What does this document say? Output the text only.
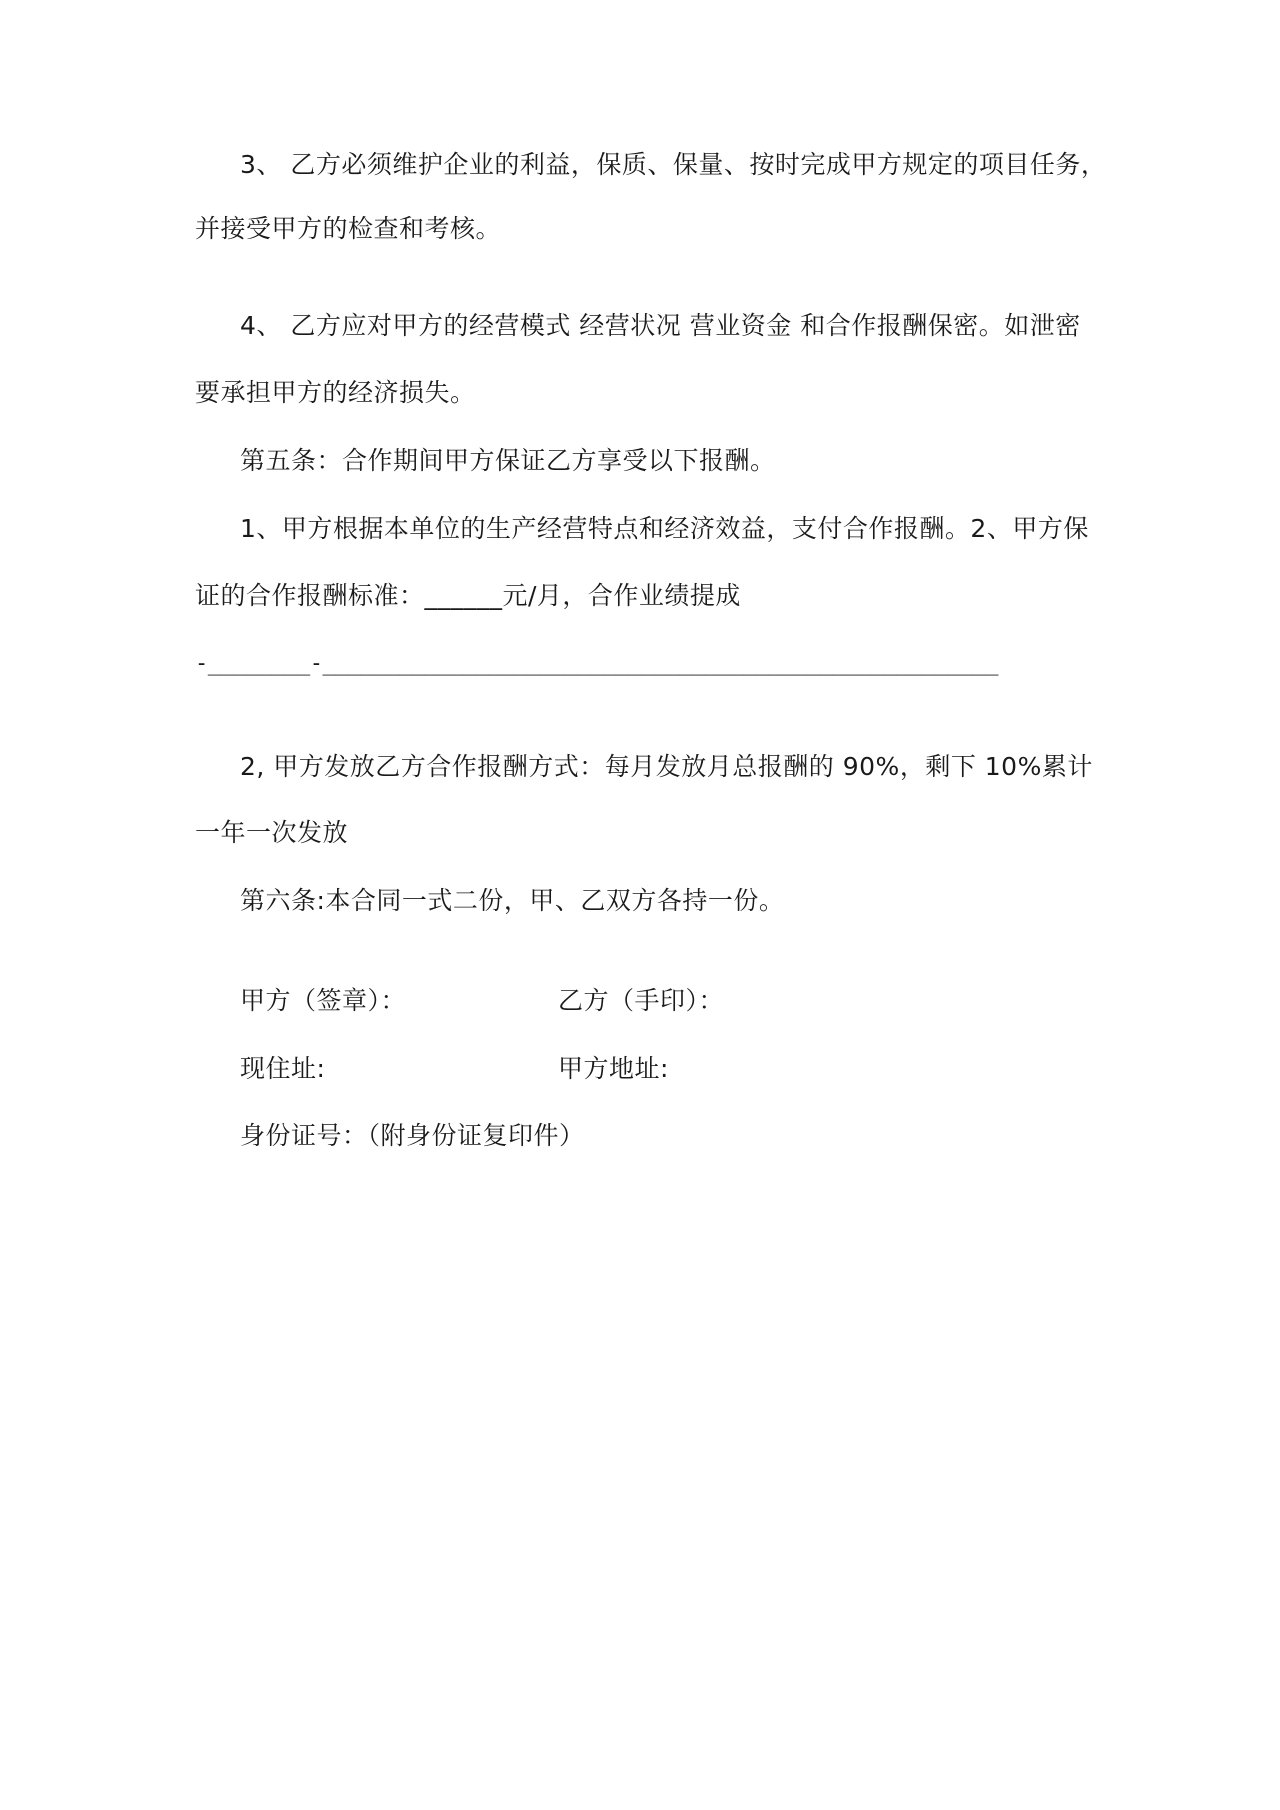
3、 乙方必须维护企业的利益，保质、保量、按时完成甲方规定的项目任务，
并接受甲方的检查和考核。
4、 乙方应对甲方的经营模式 经营状况 营业资金 和合作报酬保密。如泄密
要承担甲方的经济损失。
第五条：合作期间甲方保证乙方享受以下报酬。
1、甲方根据本单位的生产经营特点和经济效益，支付合作报酬。2、甲方保
证的合作报酬标准：______元/月，合作业绩提成
-________-_____________________________________________________
2, 甲方发放乙方合作报酬方式：每月发放月总报酬的 90%，剩下 10%累计
一年一次发放
第六条:本合同一式二份，甲、乙双方各持一份。
甲方（签章）：	乙方（手印）：
现住址:	甲方地址:
身份证号：（附身份证复印件）
